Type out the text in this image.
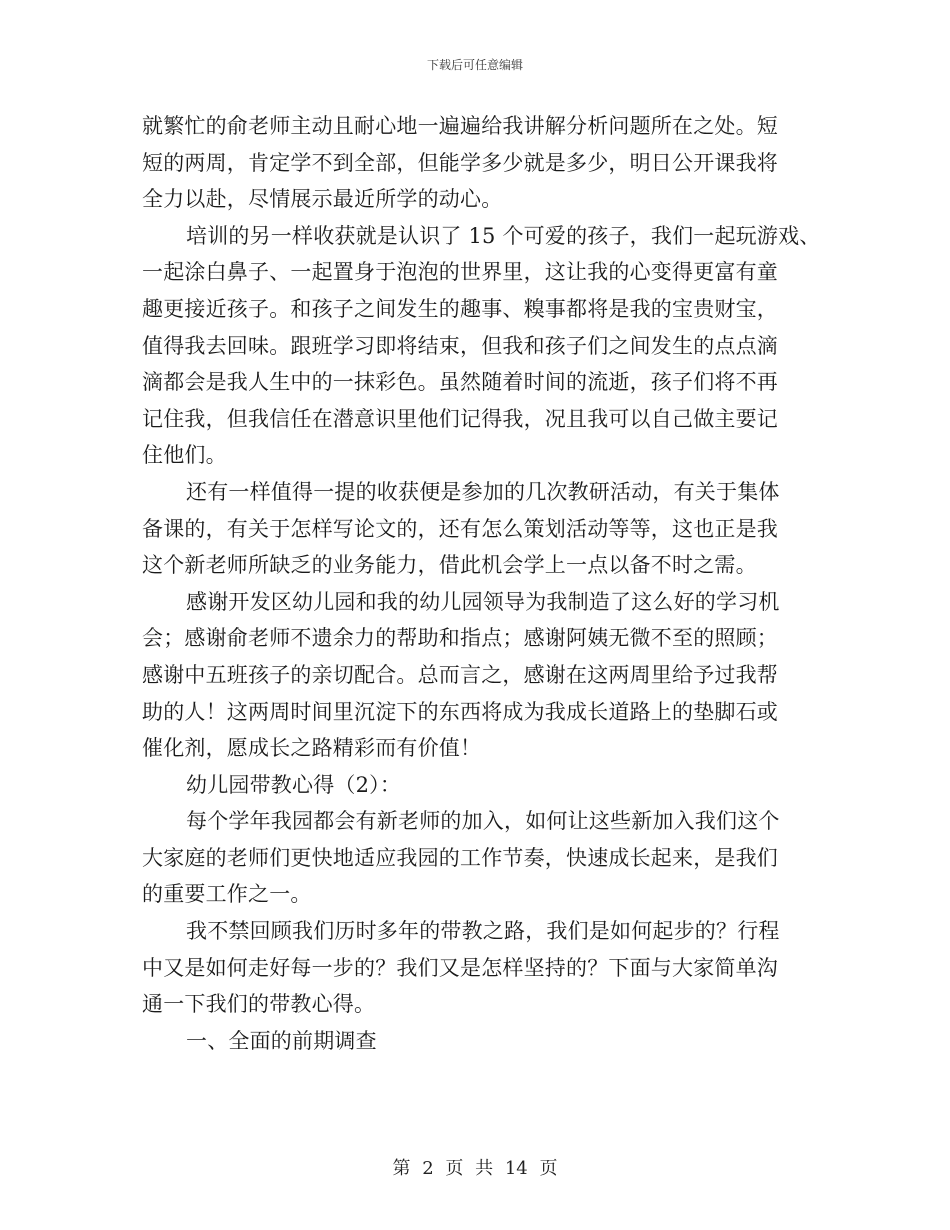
下载后可任意编辑
就繁忙的俞老师主动且耐心地一遍遍给我讲解分析问题所在之处。短
短的两周，肯定学不到全部，但能学多少就是多少，明日公开课我将
全力以赴，尽情展示最近所学的动心。
培训的另一样收获就是认识了 15 个可爱的孩子，我们一起玩游戏、
一起涂白鼻子、一起置身于泡泡的世界里，这让我的心变得更富有童
趣更接近孩子。和孩子之间发生的趣事、糗事都将是我的宝贵财宝，
值得我去回味。跟班学习即将结束，但我和孩子们之间发生的点点滴
滴都会是我人生中的一抹彩色。虽然随着时间的流逝，孩子们将不再
记住我，但我信任在潜意识里他们记得我，况且我可以自己做主要记
住他们。
还有一样值得一提的收获便是参加的几次教研活动，有关于集体
备课的，有关于怎样写论文的，还有怎么策划活动等等，这也正是我
这个新老师所缺乏的业务能力，借此机会学上一点以备不时之需。
感谢开发区幼儿园和我的幼儿园领导为我制造了这么好的学习机
会；感谢俞老师不遗余力的帮助和指点；感谢阿姨无微不至的照顾；
感谢中五班孩子的亲切配合。总而言之，感谢在这两周里给予过我帮
助的人！这两周时间里沉淀下的东西将成为我成长道路上的垫脚石或
催化剂，愿成长之路精彩而有价值！
幼儿园带教心得（2）：
每个学年我园都会有新老师的加入，如何让这些新加入我们这个
大家庭的老师们更快地适应我园的工作节奏，快速成长起来，是我们
的重要工作之一。
我不禁回顾我们历时多年的带教之路，我们是如何起步的？行程
中又是如何走好每一步的？我们又是怎样坚持的？下面与大家简单沟
通一下我们的带教心得。
一、全面的前期调查
第 2 页 共 14 页
